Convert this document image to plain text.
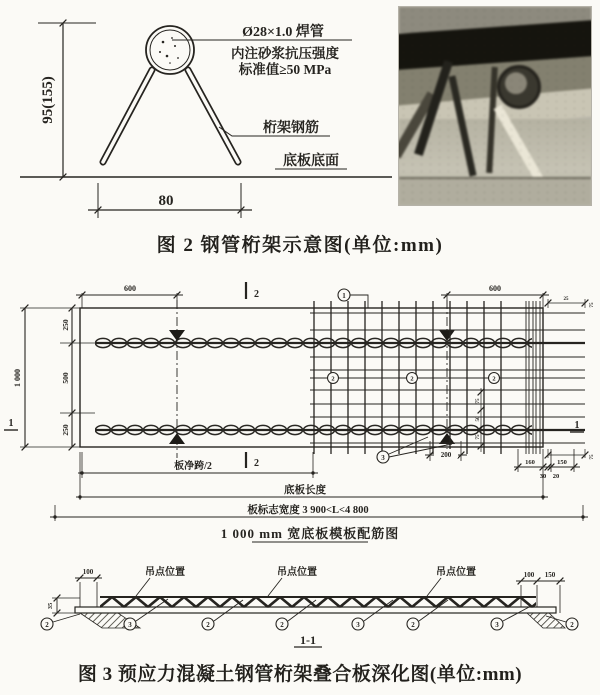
95(155)
Ø28×1.0 焊管
内注砂浆抗压强度
标准值≥50 MPa
桁架钢筋
底板底面
80
600	600
1 000
250
500
250
2
2
1	1
1
2	2	2
3	200
160	150
30 20
75
50
75
25
75
75
板净跨/2
底板长度
板标志宽度 3 900<L<4 800
1 000 mm 宽底板模板配筋图
吊点位置	吊点位置	吊点位置
100
35
100 150
2	3	2	2	3	2	3	2
1-1
图 2 钢管桁架示意图(单位:mm)
图 3 预应力混凝土钢管桁架叠合板深化图(单位:mm)
